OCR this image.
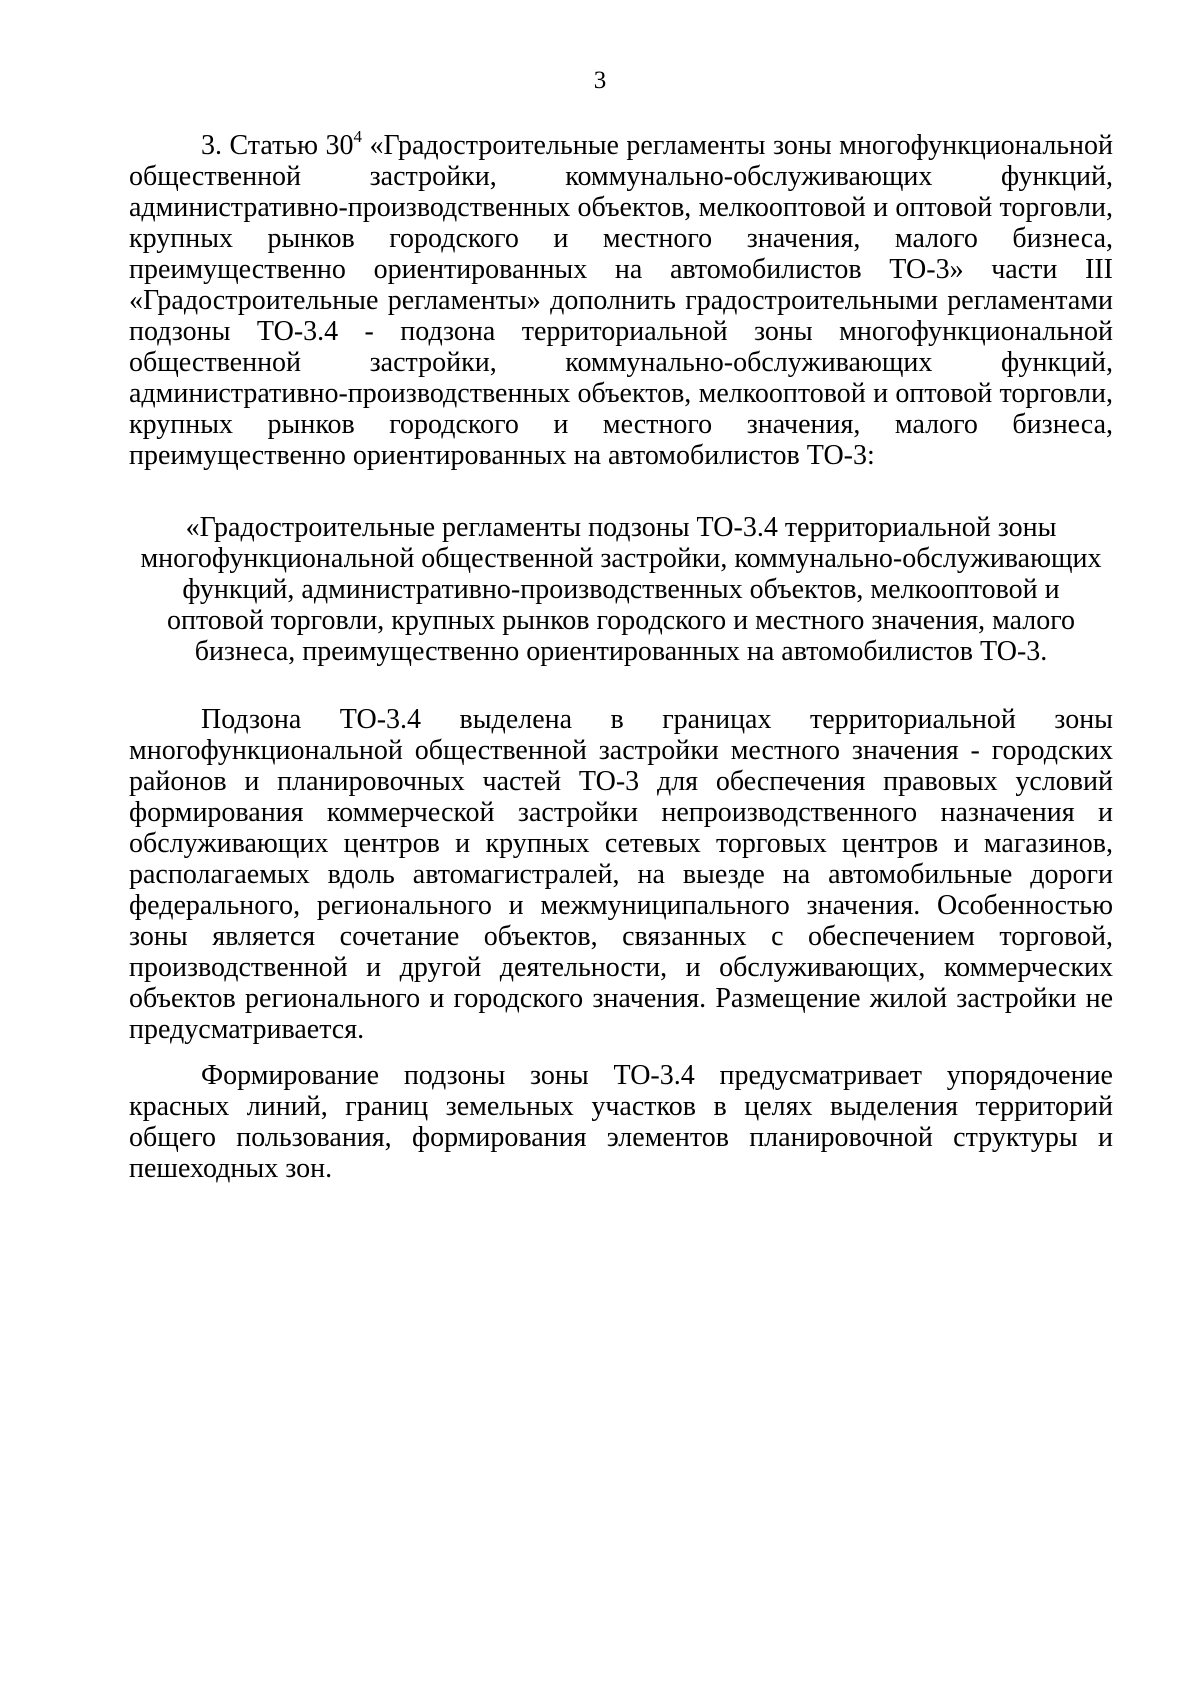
3

3. Статью $30^4$ «Градостроительные регламенты зоны многофункциональной общественной застройки, коммунально-обслуживающих функций, административно-производственных объектов, мелкооптовой и оптовой торговли, крупных рынков городского и местного значения, малого бизнеса, преимущественно ориентированных на автомобилистов ТО-3» части III «Градостроительные регламенты» дополнить градостроительными регламентами подзоны ТО-3.4 - подзона территориальной зоны многофункциональной общественной застройки, коммунально-обслуживающих функций, административно-производственных объектов, мелкооптовой и оптовой торговли, крупных рынков городского и местного значения, малого бизнеса, преимущественно ориентированных на автомобилистов ТО-3:

«Градостроительные регламенты подзоны ТО-3.4 территориальной зоны
многофункциональной общественной застройки, коммунально-обслуживающих
функций, административно-производственных объектов, мелкооптовой и
оптовой торговли, крупных рынков городского и местного значения, малого
бизнеса, преимущественно ориентированных на автомобилистов ТО-3.

Подзона ТО-3.4 выделена в границах территориальной зоны многофункциональной общественной застройки местного значения - городских районов и планировочных частей ТО-3 для обеспечения правовых условий формирования коммерческой застройки непроизводственного назначения и обслуживающих центров и крупных сетевых торговых центров и магазинов, располагаемых вдоль автомагистралей, на выезде на автомобильные дороги федерального, регионального и межмуниципального значения. Особенностью зоны является сочетание объектов, связанных с обеспечением торговой, производственной и другой деятельности, и обслуживающих, коммерческих объектов регионального и городского значения. Размещение жилой застройки не предусматривается.

Формирование подзоны зоны ТО-3.4 предусматривает упорядочение красных линий, границ земельных участков в целях выделения территорий общего пользования, формирования элементов планировочной структуры и пешеходных зон.
